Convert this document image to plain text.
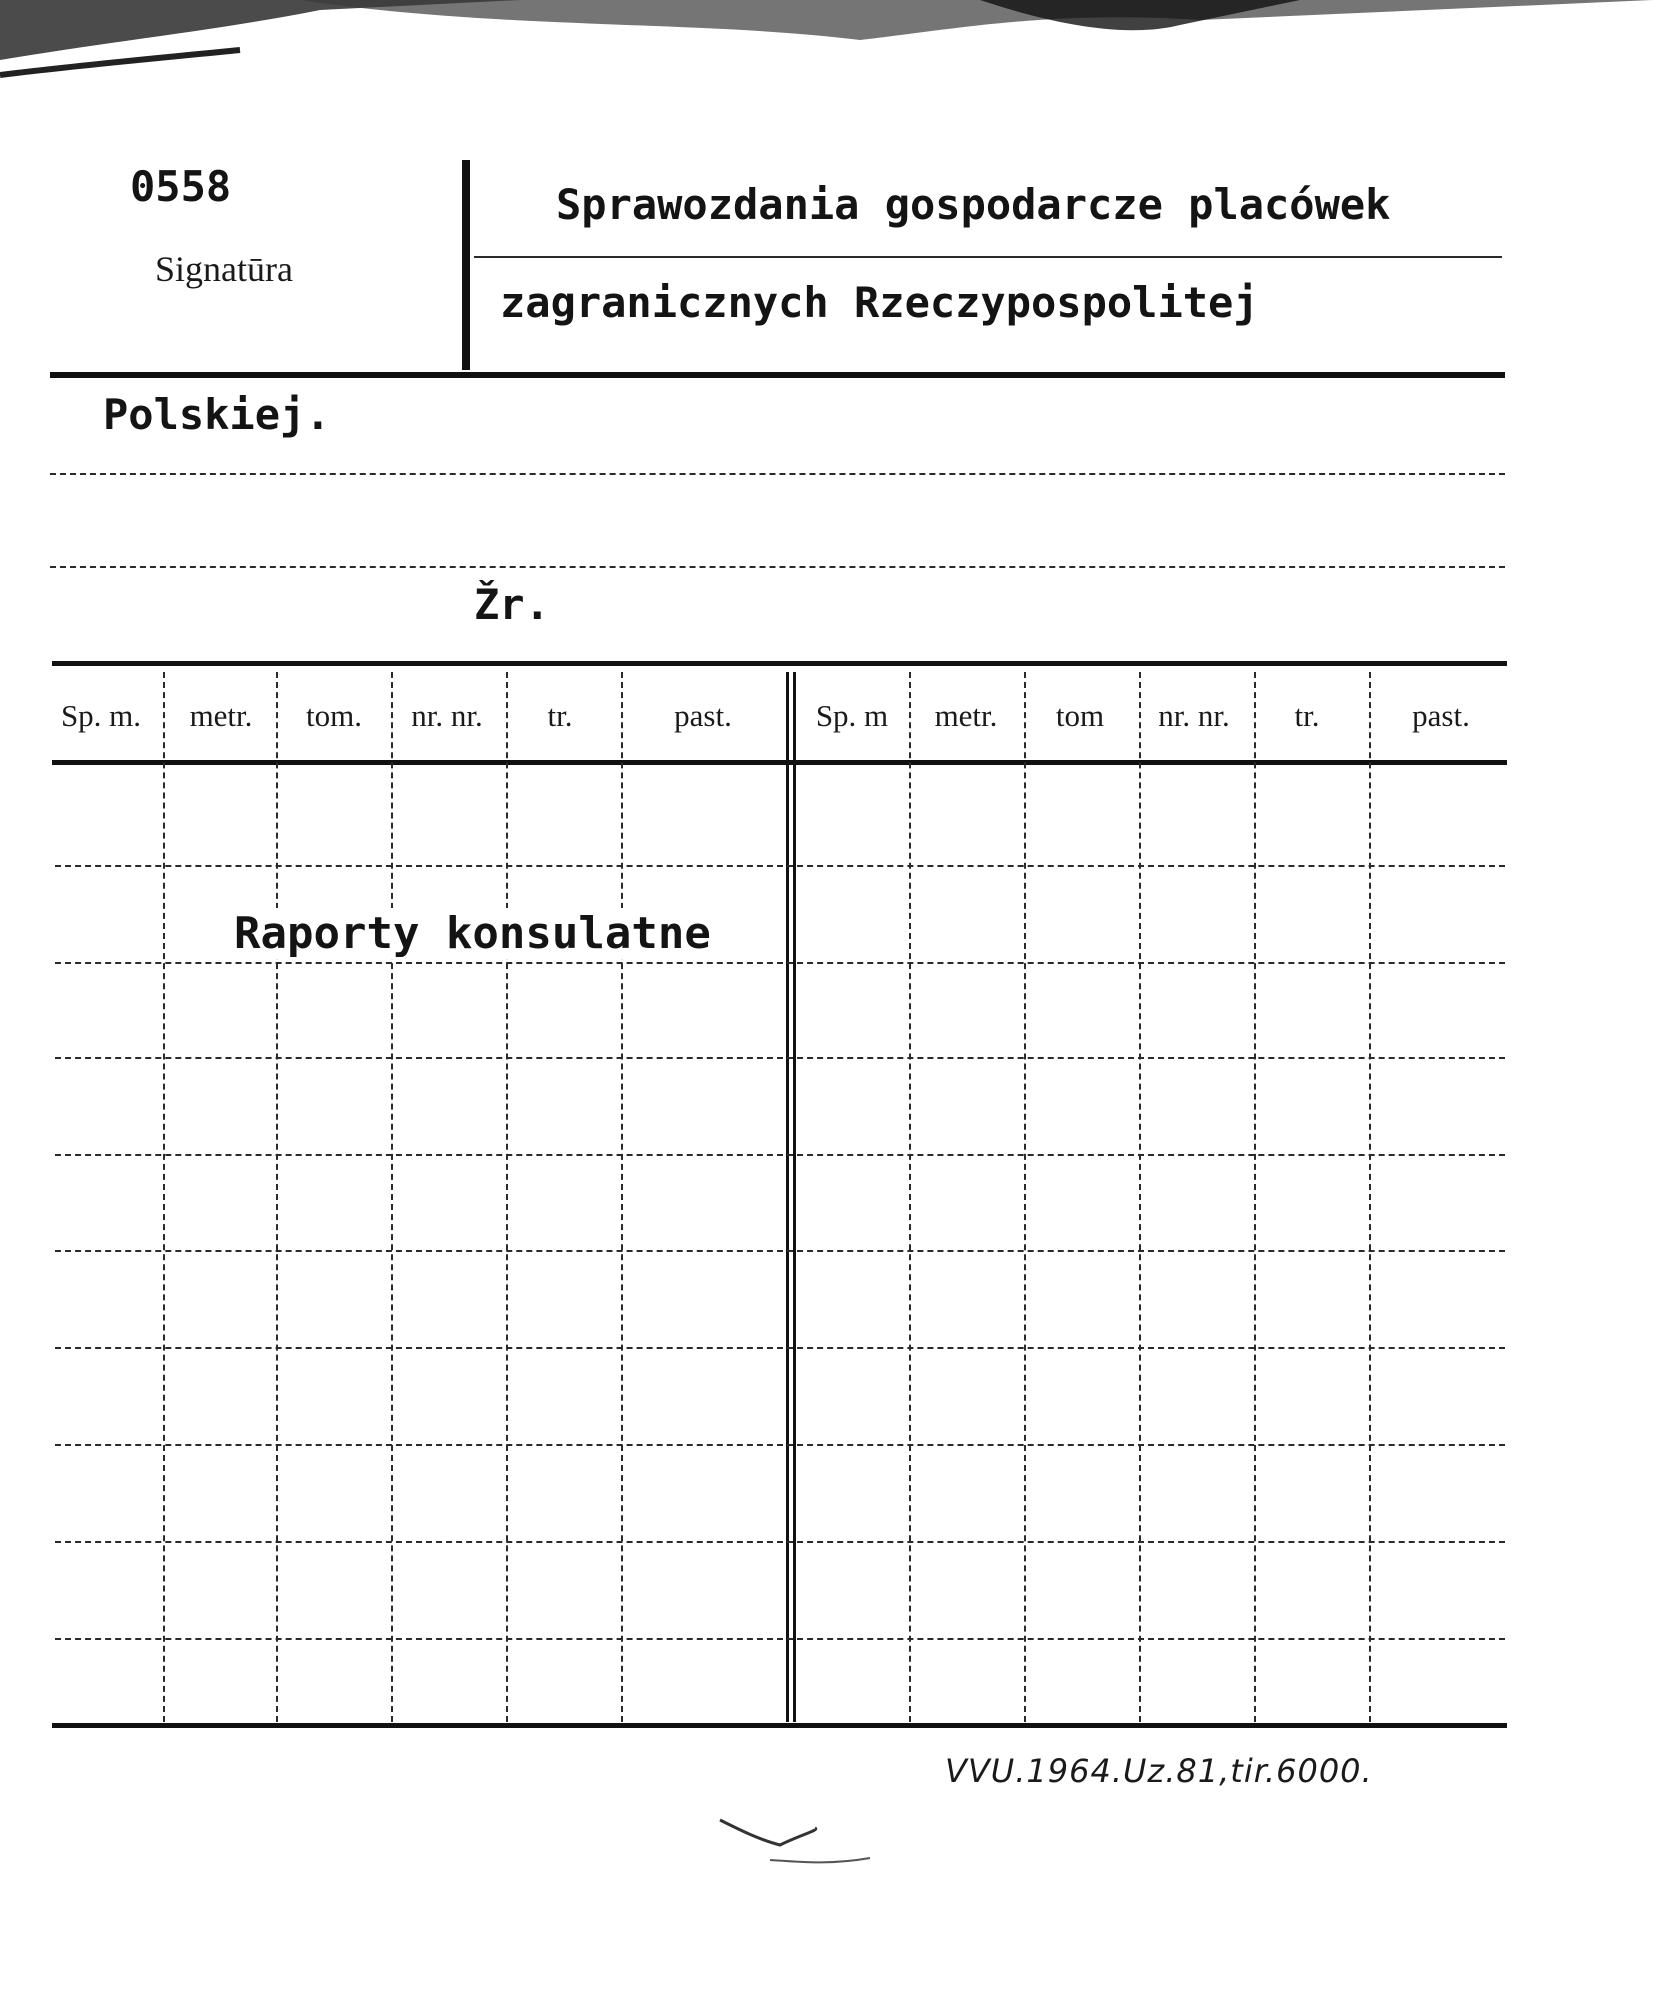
0558
Signatūra
Sprawozdania gospodarcze placówek
zagranicznych Rzeczypospolitej
Polskiej.
Žr.
Sp. m.	metr.	tom.	nr. nr.	tr.	past.	Sp. m	metr.	tom	nr. nr.	tr.	past.
Raporty konsulatne
VVU.1964.Uz.81,tir.6000.
